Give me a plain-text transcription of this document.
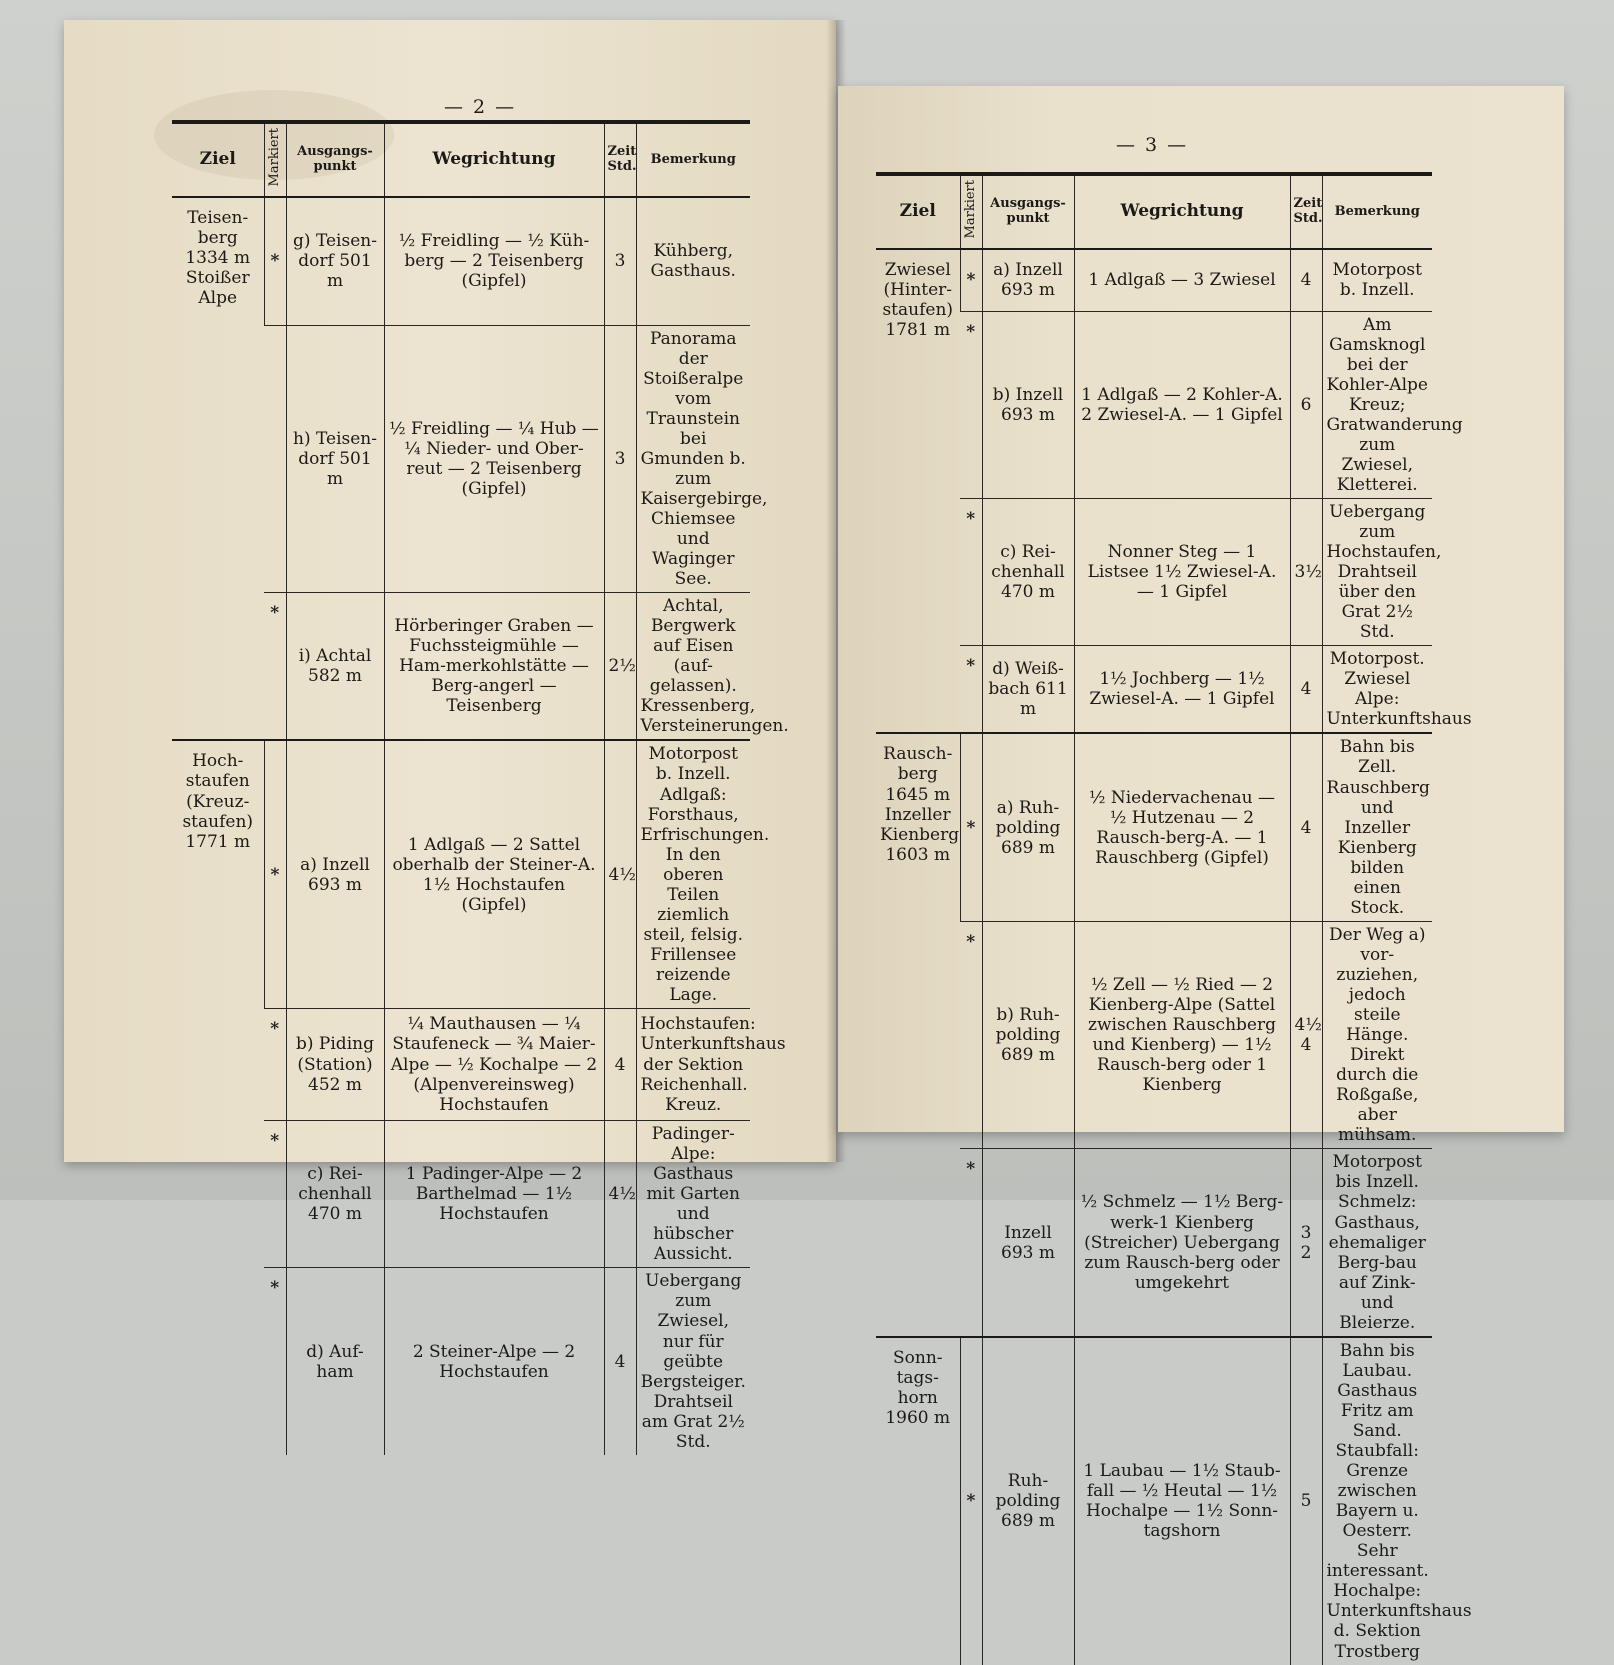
— 2 —
Ziel	Markiert	Ausgangs-punkt	Wegrichtung	Zeit Std.	Bemerkung
Teisen-berg 1334 m Stoißer Alpe	*	g) Teisen-dorf 501 m	½ Freidling — ½ Küh-berg — 2 Teisenberg (Gipfel)	3	Kühberg, Gasthaus.
		h) Teisen-dorf 501 m	½ Freidling — ¼ Hub — ¼ Nieder- und Ober-reut — 2 Teisenberg (Gipfel)	3	Panorama der Stoißeralpe vom Traunstein bei Gmunden b. zum Kaisergebirge, Chiemsee und Waginger See.
	*	i) Achtal 582 m	Hörberinger Graben — Fuchssteigmühle — Ham-merkohlstätte — Berg-angerl — Teisenberg	2½	Achtal, Bergwerk auf Eisen (auf-gelassen). Kressenberg, Versteinerungen.
Hoch-staufen (Kreuz-staufen) 1771 m	*	a) Inzell 693 m	1 Adlgaß — 2 Sattel oberhalb der Steiner-A. 1½ Hochstaufen (Gipfel)	4½	Motorpost b. Inzell. Adlgaß: Forsthaus, Erfrischungen. In den oberen Teilen ziemlich steil, felsig. Frillensee reizende Lage.
	*	b) Piding (Station) 452 m	¼ Mauthausen — ¼ Staufeneck — ¾ Maier-Alpe — ½ Kochalpe — 2 (Alpenvereinsweg) Hochstaufen	4	Hochstaufen: Unterkunftshaus der Sektion Reichenhall. Kreuz.
	*	c) Rei-chenhall 470 m	1 Padinger-Alpe — 2 Barthelmad — 1½ Hochstaufen	4½	Padinger-Alpe: Gasthaus mit Garten und hübscher Aussicht.
	*	d) Auf-ham	2 Steiner-Alpe — 2 Hochstaufen	4	Uebergang zum Zwiesel, nur für geübte Bergsteiger. Drahtseil am Grat 2½ Std.
— 3 —
Ziel	Markiert	Ausgangs-punkt	Wegrichtung	Zeit Std.	Bemerkung
Zwiesel (Hinter-staufen) 1781 m	*	a) Inzell 693 m	1 Adlgaß — 3 Zwiesel	4	Motorpost b. Inzell.
	*	b) Inzell 693 m	1 Adlgaß — 2 Kohler-A. 2 Zwiesel-A. — 1 Gipfel	6	Am Gamsknogl bei der Kohler-Alpe Kreuz; Gratwanderung zum Zwiesel, Kletterei.
	*	c) Rei-chenhall 470 m	Nonner Steg — 1 Listsee 1½ Zwiesel-A. — 1 Gipfel	3½	Uebergang zum Hochstaufen, Drahtseil über den Grat 2½ Std.
	*	d) Weiß-bach 611 m	1½ Jochberg — 1½ Zwiesel-A. — 1 Gipfel	4	Motorpost. Zwiesel Alpe: Unterkunftshaus
Rausch-berg 1645 m Inzeller Kienberg 1603 m	*	a) Ruh-polding 689 m	½ Niedervachenau — ½ Hutzenau — 2 Rausch-berg-A. — 1 Rauschberg (Gipfel)	4	Bahn bis Zell. Rauschberg und Inzeller Kienberg bilden einen Stock.
	*	b) Ruh-polding 689 m	½ Zell — ½ Ried — 2 Kienberg-Alpe (Sattel zwischen Rauschberg und Kienberg) — 1½ Rausch-berg oder 1 Kienberg	4½ 4	Der Weg a) vor-zuziehen, jedoch steile Hänge. Direkt durch die Roßgaße, aber mühsam.
	*	Inzell 693 m	½ Schmelz — 1½ Berg-werk-1 Kienberg (Streicher) Uebergang zum Rausch-berg oder umgekehrt	3 2	Motorpost bis Inzell. Schmelz: Gasthaus, ehemaliger Berg-bau auf Zink- und Bleierze.
Sonn-tags-horn 1960 m	*	Ruh-polding 689 m	1 Laubau — 1½ Staub-fall — ½ Heutal — 1½ Hochalpe — 1½ Sonn-tagshorn	5	Bahn bis Laubau. Gasthaus Fritz am Sand. Staubfall: Grenze zwischen Bayern u. Oesterr. Sehr interessant. Hochalpe: Unterkunftshaus d. Sektion Trostberg
